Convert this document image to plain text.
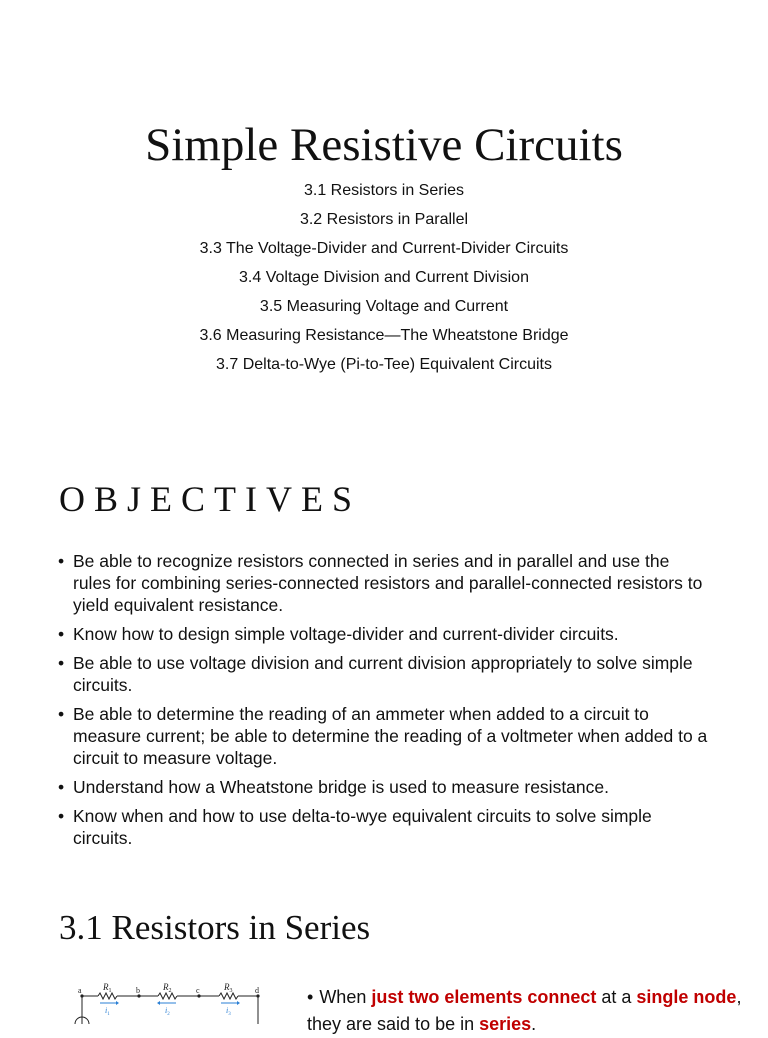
Simple Resistive Circuits
3.1 Resistors in Series
3.2 Resistors in Parallel
3.3 The Voltage-Divider and Current-Divider Circuits
3.4 Voltage Division and Current Division
3.5 Measuring Voltage and Current
3.6 Measuring Resistance—The Wheatstone Bridge
3.7 Delta-to-Wye (Pi-to-Tee) Equivalent Circuits
OBJECTIVES
• Be able to recognize resistors connected in series and in parallel and use the rules for combining series-connected resistors and parallel-connected resistors to yield equivalent resistance.
• Know how to design simple voltage-divider and current-divider circuits.
• Be able to use voltage division and current division appropriately to solve simple circuits.
• Be able to determine the reading of an ammeter when added to a circuit to measure current; be able to determine the reading of a voltmeter when added to a circuit to measure voltage.
• Understand how a Wheatstone bridge is used to measure resistance.
• Know when and how to use delta-to-wye equivalent circuits to solve simple circuits.
3.1 Resistors in Series
a	b	c	d
$R_1$	$R_2$	$R_3$
$i_1$	$i_2$	$i_3$

• When just two elements connect at a single node, they are said to be in series.
